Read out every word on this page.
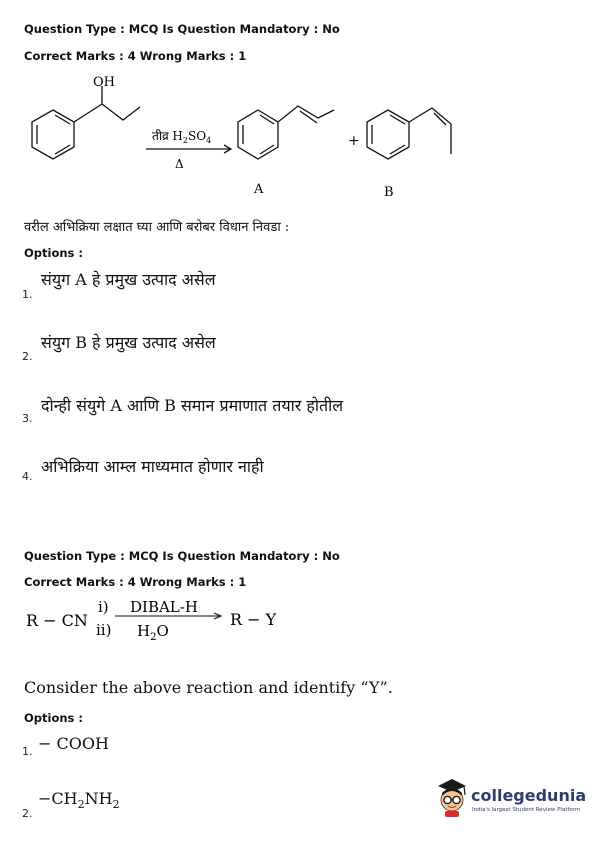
Question Type : MCQ Is Question Mandatory : No
Correct Marks : 4 Wrong Marks : 1
OH
तीव्र $H_2SO_4$
Δ
+
A	B
वरील अभिक्रिया लक्षात घ्या आणि बरोबर विधान निवडा :
Options :
1.
संयुग A हे प्रमुख उत्पाद असेल
2.
संयुग B हे प्रमुख उत्पाद असेल
3.
दोन्ही संयुगे A आणि B समान प्रमाणात तयार होतील
4.
अभिक्रिया आम्ल माध्यमात होणार नाही
Question Type : MCQ Is Question Mandatory : No
Correct Marks : 4 Wrong Marks : 1
R − CN
i) DIBAL-H
ii) $H_2O$
R − Y
Consider the above reaction and identify “Y”.
Options :
1. − COOH
2.
$-CH_2NH_2$	collegedunia
India's largest Student Review Platform
